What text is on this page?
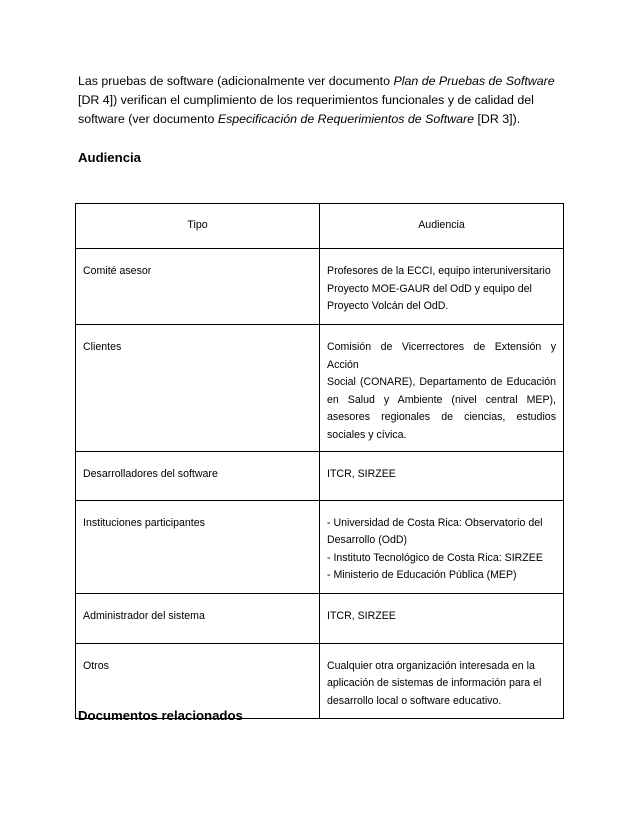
Las pruebas de software (adicionalmente ver documento Plan de Pruebas de Software [DR 4]) verifican el cumplimiento de los requerimientos funcionales y de calidad del software (ver documento Especificación de Requerimientos de Software [DR 3]).

Audiencia
Tipo	Audiencia

Comité asesor	Profesores de la ECCI, equipo interuniversitario
Proyecto MOE-GAUR del OdD y equipo del
Proyecto Volcán del OdD.

Clientes	Comisión de Vicerrectores de Extensión y Acción
Social (CONARE), Departamento de Educación
en Salud y Ambiente (nivel central MEP),
asesores regionales de ciencias, estudios
sociales y cívica.

Desarrolladores del software	ITCR, SIRZEE

Instituciones participantes	- Universidad de Costa Rica: Observatorio del
Desarrollo (OdD)
- Instituto Tecnológico de Costa Rica: SIRZEE
- Ministerio de Educación Pública (MEP)

Administrador del sistema	ITCR, SIRZEE

Otros	Cualquier otra organización interesada en la
aplicación de sistemas de información para el
desarrollo local o software educativo.
Documentos relacionados
